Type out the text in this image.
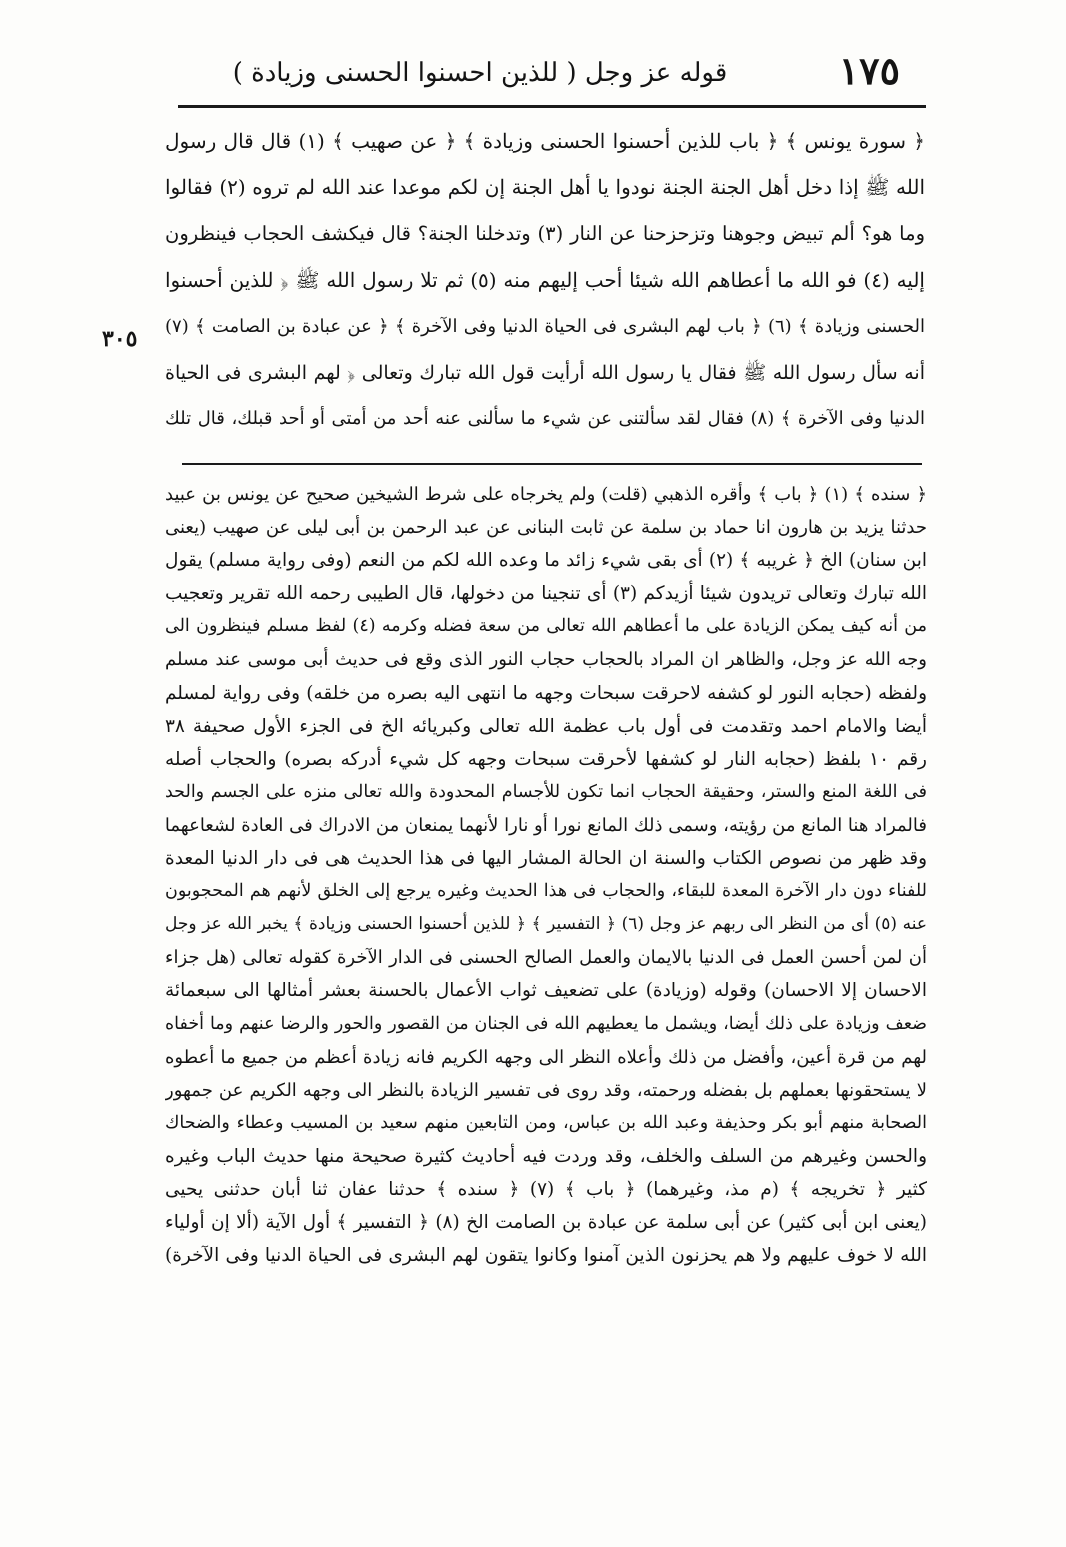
١٧٥
قوله عز وجل ( للذين احسنوا الحسنى وزيادة )
٣٠٥
﴿ سورة يونس ﴾ ﴿ باب للذين أحسنوا الحسنى وزيادة ﴾ ﴿ عن صهيب ﴾ (١) قال قال رسول
الله ﷺ إذا دخل أهل الجنة الجنة نودوا يا أهل الجنة إن لكم موعدا عند الله لم تروه (٢) فقالوا
وما هو؟ ألم تبيض وجوهنا وتزحزحنا عن النار (٣) وتدخلنا الجنة؟ قال فيكشف الحجاب فينظرون
إليه (٤) فو الله ما أعطاهم الله شيئا أحب إليهم منه (٥) ثم تلا رسول الله ﷺ ﴿ للذين أحسنوا
الحسنى وزيادة ﴾ (٦) ﴿ باب لهم البشرى فى الحياة الدنيا وفى الآخرة ﴾ ﴿ عن عبادة بن الصامت ﴾ (٧)
أنه سأل رسول الله ﷺ فقال يا رسول الله أرأيت قول الله تبارك وتعالى ﴿ لهم البشرى فى الحياة
الدنيا وفى الآخرة ﴾ (٨) فقال لقد سألتنى عن شيء ما سألنى عنه أحد من أمتى أو أحد قبلك، قال تلك
﴿ سنده ﴾ (١) ﴿ باب ﴾ وأقره الذهبي (قلت) ولم يخرجاه على شرط الشيخين صحيح عن يونس بن عبيد
حدثنا يزيد بن هارون انا حماد بن سلمة عن ثابت البنانى عن عبد الرحمن بن أبى ليلى عن صهيب (يعنى
ابن سنان) الخ ﴿ غريبه ﴾ (٢) أى بقى شيء زائد ما وعده الله لكم من النعم (وفى رواية مسلم) يقول
الله تبارك وتعالى تريدون شيئا أزيدكم (٣) أى تنجينا من دخولها، قال الطيبى رحمه الله تقرير وتعجيب
من أنه كيف يمكن الزيادة على ما أعطاهم الله تعالى من سعة فضله وكرمه (٤) لفظ مسلم فينظرون الى
وجه الله عز وجل، والظاهر ان المراد بالحجاب حجاب النور الذى وقع فى حديث أبى موسى عند مسلم
ولفظه (حجابه النور لو كشفه لاحرقت سبحات وجهه ما انتهى اليه بصره من خلقه) وفى رواية لمسلم
أيضا والامام احمد وتقدمت فى أول باب عظمة الله تعالى وكبريائه الخ فى الجزء الأول صحيفة ٣٨
رقم ١٠ بلفظ (حجابه النار لو كشفها لأحرقت سبحات وجهه كل شيء أدركه بصره) والحجاب أصله
فى اللغة المنع والستر، وحقيقة الحجاب انما تكون للأجسام المحدودة والله تعالى منزه على الجسم والحد
فالمراد هنا المانع من رؤيته، وسمى ذلك المانع نورا أو نارا لأنهما يمنعان من الادراك فى العادة لشعاعهما
وقد ظهر من نصوص الكتاب والسنة ان الحالة المشار اليها فى هذا الحديث هى فى دار الدنيا المعدة
للفناء دون دار الآخرة المعدة للبقاء، والحجاب فى هذا الحديث وغيره يرجع إلى الخلق لأنهم هم المحجوبون
عنه (٥) أى من النظر الى ربهم عز وجل (٦) ﴿ التفسير ﴾ ﴿ للذين أحسنوا الحسنى وزيادة ﴾ يخبر الله عز وجل
أن لمن أحسن العمل فى الدنيا بالايمان والعمل الصالح الحسنى فى الدار الآخرة كقوله تعالى (هل جزاء
الاحسان إلا الاحسان) وقوله (وزيادة) على تضعيف ثواب الأعمال بالحسنة بعشر أمثالها الى سبعمائة
ضعف وزيادة على ذلك أيضا، ويشمل ما يعطيهم الله فى الجنان من القصور والحور والرضا عنهم وما أخفاه
لهم من قرة أعين، وأفضل من ذلك وأعلاه النظر الى وجهه الكريم فانه زيادة أعظم من جميع ما أعطوه
لا يستحقونها بعملهم بل بفضله ورحمته، وقد روى فى تفسير الزيادة بالنظر الى وجهه الكريم عن جمهور
الصحابة منهم أبو بكر وحذيفة وعبد الله بن عباس، ومن التابعين منهم سعيد بن المسيب وعطاء والضحاك
والحسن وغيرهم من السلف والخلف، وقد وردت فيه أحاديث كثيرة صحيحة منها حديث الباب وغيره
كثير ﴿ تخريجه ﴾ (م مذ، وغيرهما) ﴿ باب ﴾ (٧) ﴿ سنده ﴾ حدثنا عفان ثنا أبان حدثنى يحيى
(يعنى ابن أبى كثير) عن أبى سلمة عن عبادة بن الصامت الخ (٨) ﴿ التفسير ﴾ أول الآية (ألا إن أولياء
الله لا خوف عليهم ولا هم يحزنون الذين آمنوا وكانوا يتقون لهم البشرى فى الحياة الدنيا وفى الآخرة)
